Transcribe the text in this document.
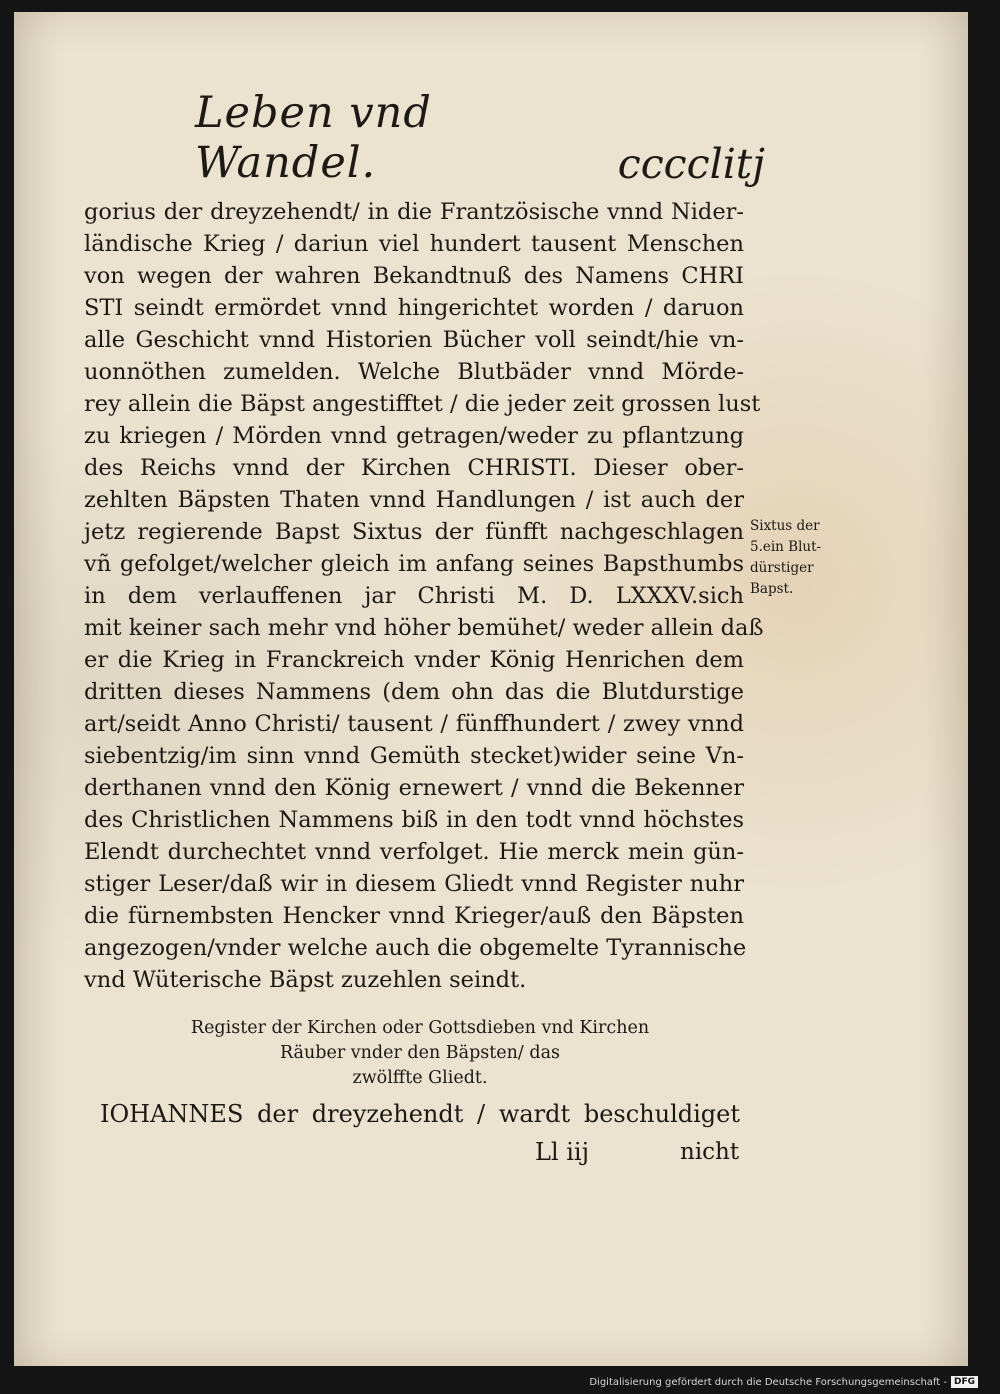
Leben vnd Wandel.	cccclitj
gorius der dreyzehendt/ in die Frantzösische vnnd Nider-
ländische Krieg / dariun viel hundert tausent Menschen
von wegen der wahren Bekandtnuß des Namens CHRI
STI seindt ermördet vnnd hingerichtet worden / daruon
alle Geschicht vnnd Historien Bücher voll seindt/hie vn-
uonnöthen zumelden. Welche Blutbäder vnnd Mörde-
rey allein die Bäpst angestifftet / die jeder zeit grossen lust
zu kriegen / Mörden vnnd getragen/weder zu pflantzung
des Reichs vnnd der Kirchen CHRISTI. Dieser ober-
zehlten Bäpsten Thaten vnnd Handlungen / ist auch der
jetz regierende Bapst Sixtus der fünfft nachgeschlagen
vñ gefolget/welcher gleich im anfang seines Bapsthumbs
in dem verlauffenen jar Christi M. D. LXXXV.sich
mit keiner sach mehr vnd höher bemühet/ weder allein daß
er die Krieg in Franckreich vnder König Henrichen dem
dritten dieses Nammens (dem ohn das die Blutdurstige
art/seidt Anno Christi/ tausent / fünffhundert / zwey vnnd
siebentzig/im sinn vnnd Gemüth stecket)wider seine Vn-
derthanen vnnd den König ernewert / vnnd die Bekenner
des Christlichen Nammens biß in den todt vnnd höchstes
Elendt durchechtet vnnd verfolget. Hie merck mein gün-
stiger Leser/daß wir in diesem Gliedt vnnd Register nuhr
die fürnembsten Hencker vnnd Krieger/auß den Bäpsten
angezogen/vnder welche auch die obgemelte Tyrannische
vnd Wüterische Bäpst zuzehlen seindt.
Sixtus der
5.ein Blut-
dürstiger
Bapst.
Register der Kirchen oder Gottsdieben vnd Kirchen
Räuber vnder den Bäpsten/ das
zwölffte Gliedt.
IOHANNES der dreyzehendt / wardt beschuldiget
Ll iij	nicht
Digitalisierung gefördert durch die Deutsche Forschungsgemeinschaft - DFG
